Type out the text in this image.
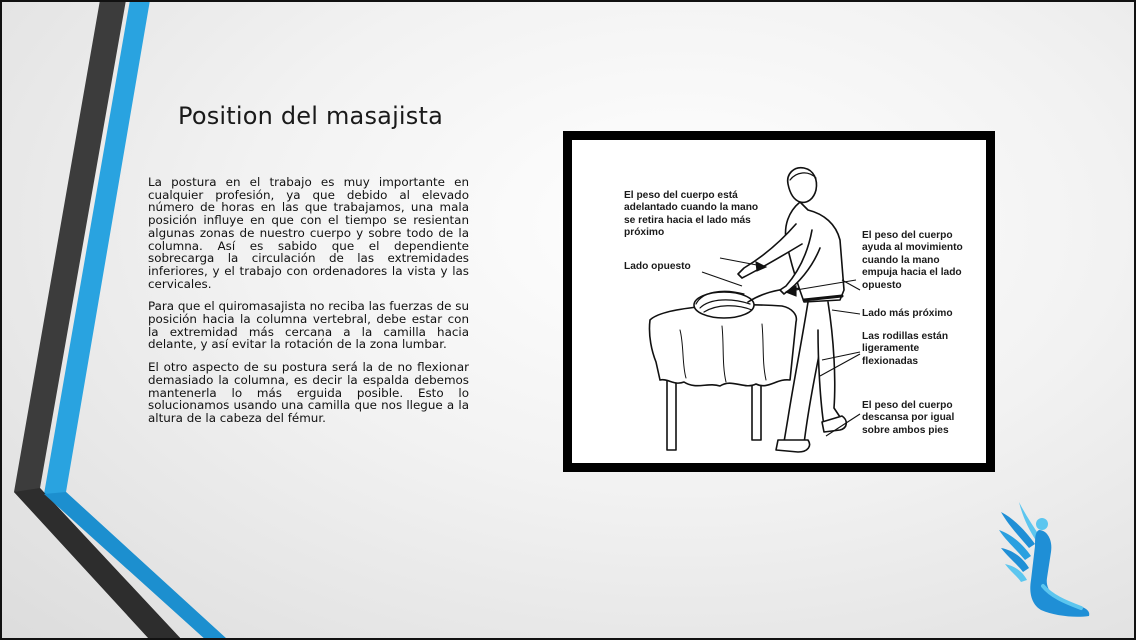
Position del masajista

La postura en el trabajo es muy importante en cualquier profesión, ya que debido al elevado número de horas en las que trabajamos, una mala posición influye en que con el tiempo se resientan algunas zonas de nuestro cuerpo y sobre todo de la columna. Así es sabido que el dependiente sobrecarga la circulación de las extremidades inferiores, y el trabajo con ordenadores la vista y las cervicales.

Para que el quiromasajista no reciba las fuerzas de su posición hacia la columna vertebral, debe estar con la extremidad más cercana a la camilla hacia delante, y así evitar la rotación de la zona lumbar.

El otro aspecto de su postura será la de no flexionar demasiado la columna, es decir la espalda debemos mantenerla lo más erguida posible. Esto lo solucionamos usando una camilla que nos llegue a la altura de la cabeza del fémur.

El peso del cuerpo está
adelantado cuando la mano
se retira hacia el lado más
próximo
Lado opuesto
El peso del cuerpo
ayuda al movimiento
cuando la mano
empuja hacia el lado
opuesto
Lado más próximo
Las rodillas están
ligeramente
flexionadas
El peso del cuerpo
descansa por igual
sobre ambos pies
